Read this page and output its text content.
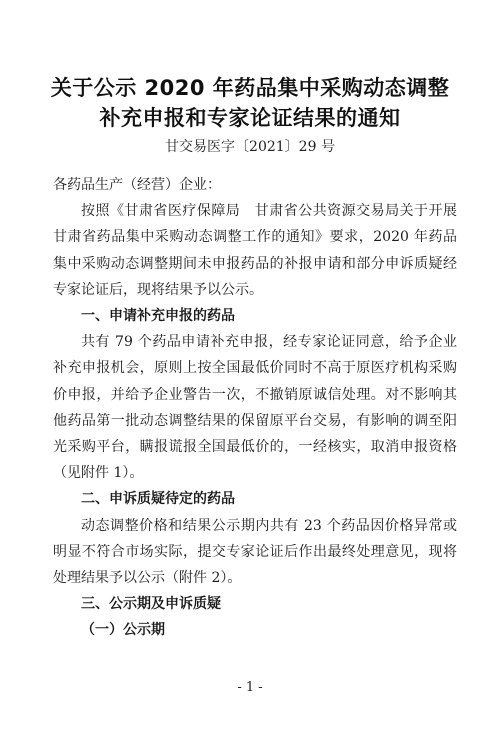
关于公示 2020 年药品集中采购动态调整
补充申报和专家论证结果的通知
甘交易医字〔2021〕29 号

各药品生产（经营）企业：

按照《甘肃省医疗保障局　甘肃省公共资源交易局关于开展甘肃省药品集中采购动态调整工作的通知》要求，2020 年药品集中采购动态调整期间未申报药品的补报申请和部分申诉质疑经专家论证后，现将结果予以公示。

一、申请补充申报的药品

共有 79 个药品申请补充申报，经专家论证同意，给予企业补充申报机会，原则上按全国最低价同时不高于原医疗机构采购价申报，并给予企业警告一次，不撤销原诚信处理。对不影响其他药品第一批动态调整结果的保留原平台交易，有影响的调至阳光采购平台，瞒报谎报全国最低价的，一经核实，取消申报资格（见附件 1）。

二、申诉质疑待定的药品

动态调整价格和结果公示期内共有 23 个药品因价格异常或明显不符合市场实际，提交专家论证后作出最终处理意见，现将处理结果予以公示（附件 2）。

三、公示期及申诉质疑

（一）公示期

- 1 -
